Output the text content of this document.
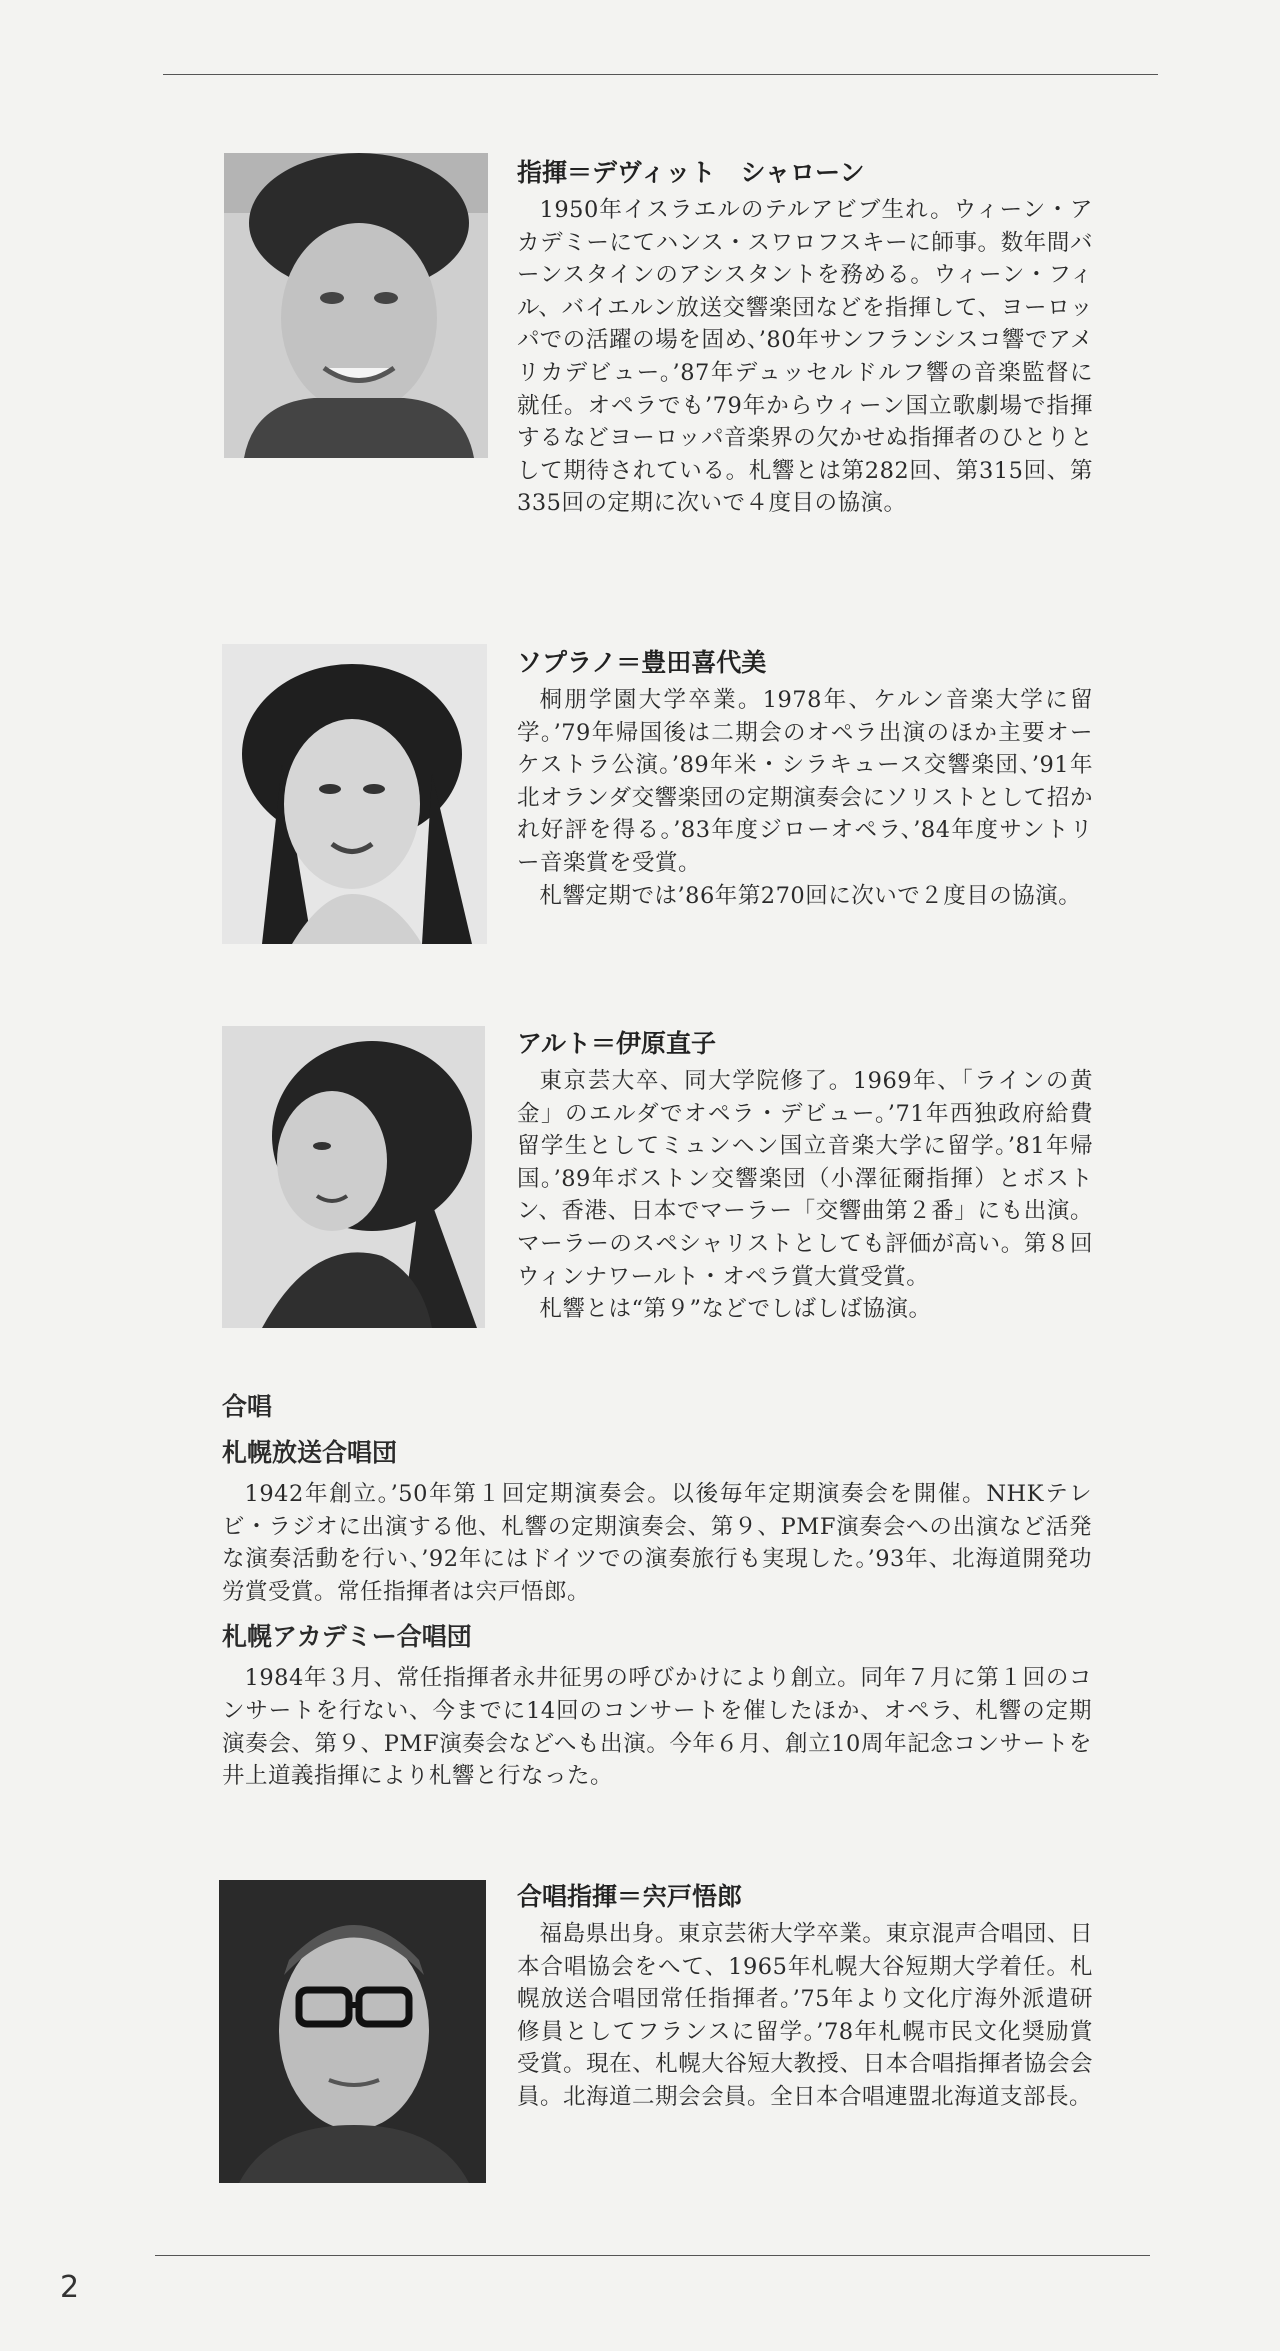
指揮＝デヴィット　シャローン

1950年イスラエルのテルアビブ生れ。ウィーン・アカデミーにてハンス・スワロフスキーに師事。数年間バーンスタインのアシスタントを務める。ウィーン・フィル、バイエルン放送交響楽団などを指揮して、ヨーロッパでの活躍の場を固め、’80年サンフランシスコ響でアメリカデビュー。’87年デュッセルドルフ響の音楽監督に就任。オペラでも’79年からウィーン国立歌劇場で指揮するなどヨーロッパ音楽界の欠かせぬ指揮者のひとりとして期待されている。札響とは第282回、第315回、第335回の定期に次いで４度目の協演。

ソプラノ＝豊田喜代美

桐朋学園大学卒業。1978年、ケルン音楽大学に留学。’79年帰国後は二期会のオペラ出演のほか主要オーケストラ公演。’89年米・シラキュース交響楽団、’91年北オランダ交響楽団の定期演奏会にソリストとして招かれ好評を得る。’83年度ジローオペラ、’84年度サントリー音楽賞を受賞。

札響定期では’86年第270回に次いで２度目の協演。

アルト＝伊原直子

東京芸大卒、同大学院修了。1969年、「ラインの黄金」のエルダでオペラ・デビュー。’71年西独政府給費留学生としてミュンヘン国立音楽大学に留学。’81年帰国。’89年ボストン交響楽団（小澤征爾指揮）とボストン、香港、日本でマーラー「交響曲第２番」にも出演。マーラーのスペシャリストとしても評価が高い。第８回ウィンナワールト・オペラ賞大賞受賞。

札響とは“第９”などでしばしば協演。

合唱
札幌放送合唱団

1942年創立。’50年第１回定期演奏会。以後毎年定期演奏会を開催。NHKテレビ・ラジオに出演する他、札響の定期演奏会、第９、PMF演奏会への出演など活発な演奏活動を行い、’92年にはドイツでの演奏旅行も実現した。’93年、北海道開発功労賞受賞。常任指揮者は宍戸悟郎。

札幌アカデミー合唱団

1984年３月、常任指揮者永井征男の呼びかけにより創立。同年７月に第１回のコンサートを行ない、今までに14回のコンサートを催したほか、オペラ、札響の定期演奏会、第９、PMF演奏会などへも出演。今年６月、創立10周年記念コンサートを井上道義指揮により札響と行なった。

合唱指揮＝宍戸悟郎

福島県出身。東京芸術大学卒業。東京混声合唱団、日本合唱協会をへて、1965年札幌大谷短期大学着任。札幌放送合唱団常任指揮者。’75年より文化庁海外派遣研修員としてフランスに留学。’78年札幌市民文化奨励賞受賞。現在、札幌大谷短大教授、日本合唱指揮者協会会員。北海道二期会会員。全日本合唱連盟北海道支部長。

2
